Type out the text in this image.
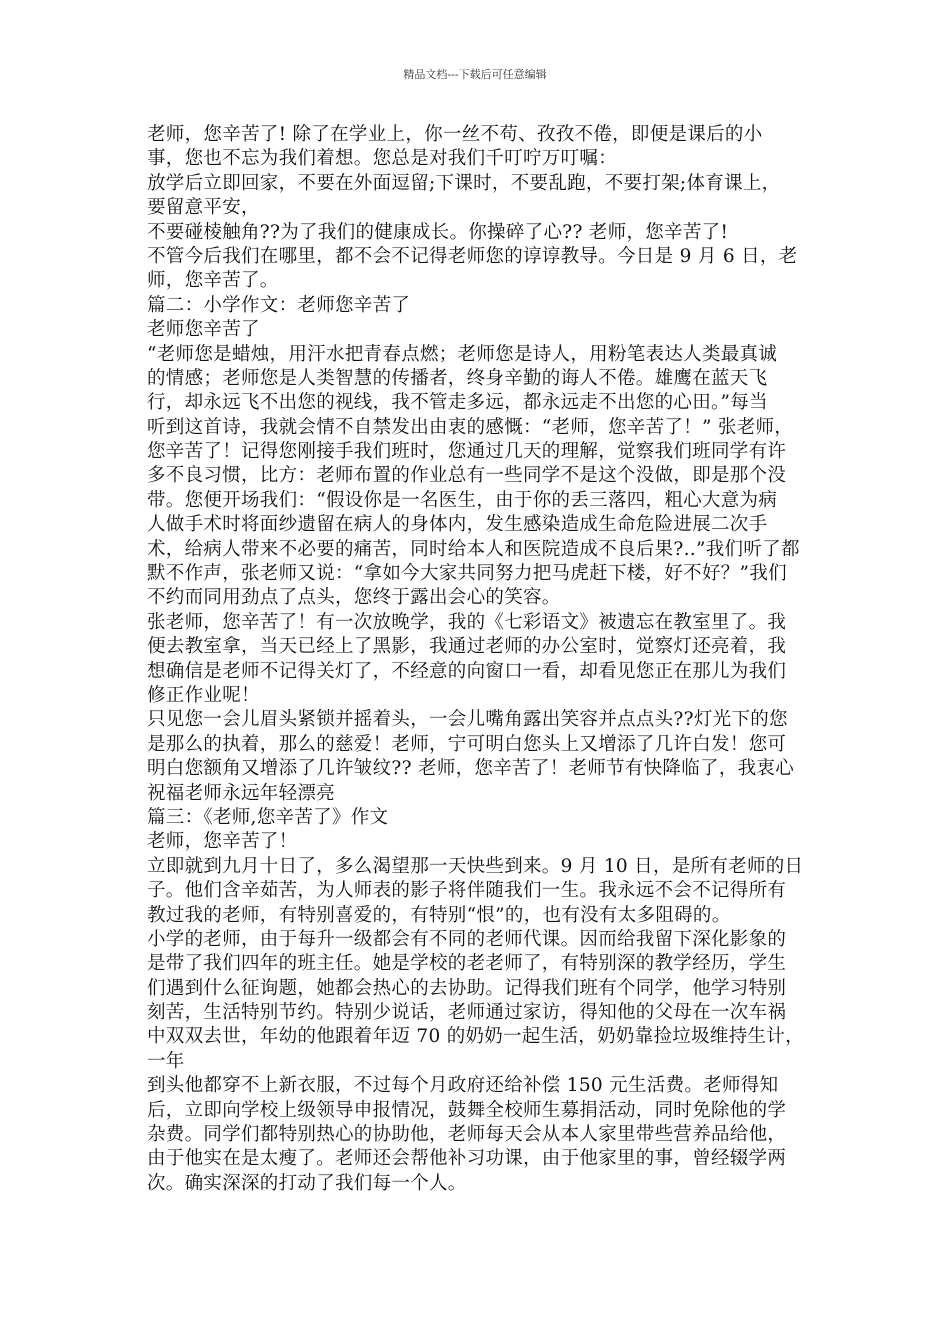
精品文档---下载后可任意编辑
老师，您辛苦了! 除了在学业上，你一丝不苟、孜孜不倦，即便是课后的小
事，您也不忘为我们着想。您总是对我们千叮咛万叮嘱：
放学后立即回家，不要在外面逗留;下课时，不要乱跑，不要打架;体育课上，
要留意平安，
不要碰棱触角??为了我们的健康成长。你操碎了心?? 老师，您辛苦了!
不管今后我们在哪里，都不会不记得老师您的谆谆教导。今日是 9 月 6 日，老
师，您辛苦了。
篇二：小学作文：老师您辛苦了
老师您辛苦了
“老师您是蜡烛，用汗水把青春点燃；老师您是诗人，用粉笔表达人类最真诚
的情感；老师您是人类智慧的传播者，终身辛勤的诲人不倦。雄鹰在蓝天飞
行，却永远飞不出您的视线，我不管走多远，都永远走不出您的心田。”每当
听到这首诗，我就会情不自禁发出由衷的感慨：“老师，您辛苦了！” 张老师，
您辛苦了！记得您刚接手我们班时，您通过几天的理解，觉察我们班同学有许
多不良习惯，比方：老师布置的作业总有一些同学不是这个没做，即是那个没
带。您便开场我们：“假设你是一名医生，由于你的丢三落四，粗心大意为病
人做手术时将面纱遗留在病人的身体内，发生感染造成生命危险进展二次手
术，给病人带来不必要的痛苦，同时给本人和医院造成不良后果?..”我们听了都
默不作声，张老师又说：“拿如今大家共同努力把马虎赶下楼，好不好？”我们
不约而同用劲点了点头，您终于露出会心的笑容。
张老师，您辛苦了！有一次放晚学，我的《七彩语文》被遗忘在教室里了。我
便去教室拿，当天已经上了黑影，我通过老师的办公室时，觉察灯还亮着，我
想确信是老师不记得关灯了，不经意的向窗口一看，却看见您正在那儿为我们
修正作业呢！
只见您一会儿眉头紧锁并摇着头，一会儿嘴角露出笑容并点点头??灯光下的您
是那么的执着，那么的慈爱！老师，宁可明白您头上又增添了几许白发！您可
明白您额角又增添了几许皱纹?? 老师，您辛苦了！老师节有快降临了，我衷心
祝福老师永远年轻漂亮
篇三：《老师,您辛苦了》作文
老师，您辛苦了！
立即就到九月十日了，多么渴望那一天快些到来。9 月 10 日，是所有老师的日
子。他们含辛茹苦，为人师表的影子将伴随我们一生。我永远不会不记得所有
教过我的老师，有特别喜爱的，有特别“恨”的，也有没有太多阻碍的。
小学的老师，由于每升一级都会有不同的老师代课。因而给我留下深化影象的
是带了我们四年的班主任。她是学校的老老师了，有特别深的教学经历，学生
们遇到什么征询题，她都会热心的去协助。记得我们班有个同学，他学习特别
刻苦，生活特别节约。特别少说话，老师通过家访，得知他的父母在一次车祸
中双双去世，年幼的他跟着年迈 70 的奶奶一起生活，奶奶靠捡垃圾维持生计，
一年
到头他都穿不上新衣服，不过每个月政府还给补偿 150 元生活费。老师得知
后，立即向学校上级领导申报情况，鼓舞全校师生募捐活动，同时免除他的学
杂费。同学们都特别热心的协助他，老师每天会从本人家里带些营养品给他，
由于他实在是太瘦了。老师还会帮他补习功课，由于他家里的事，曾经辍学两
次。确实深深的打动了我们每一个人。
